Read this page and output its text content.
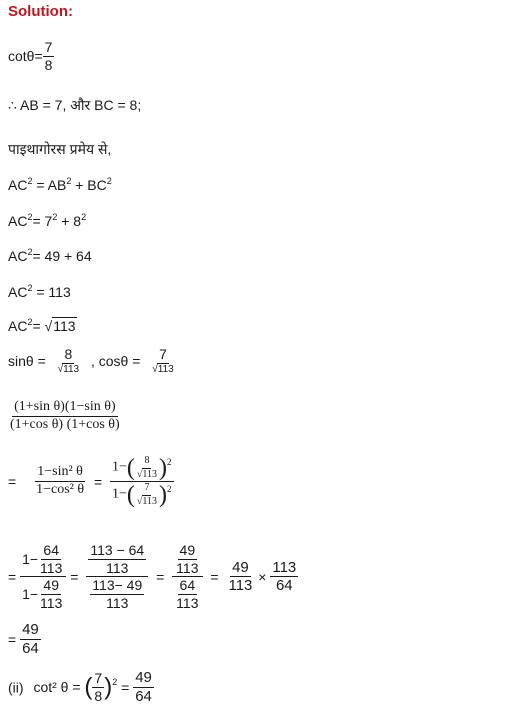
Solution:
$\cot\theta= \frac{7}{8}$
∴ AB = 7, और BC = 8;
पाइथागोरस प्रमेय से,
$AC^2 = AB^2 + BC^2$
$AC^2= 7^2 + 8^2$
$AC^2= 49 + 64$
$AC^2 = 113$
$AC^2= √113$
$\sin\theta = \frac{8}{√113}$ , $\cos\theta = \frac{7}{√113}$
$\frac{\text{(1+sin θ)(1−sin θ)}}{\text{(1+cos θ) (1+cos θ)}}$
= $\frac{\text{1−sin² θ}}{\text{1−cos² θ}} = \frac{1-( \frac{8}{√113} )^2}{1-( \frac{7}{√113} )^2}$
= $\frac{1- \frac{64}{113}}{1- \frac{49}{113}} = \frac{\frac{113 - 64}{113}}{\frac{113- 49}{113}} = \frac{\frac{49}{113}}{\frac{64}{113}} = \frac{49}{113} \times \frac{113}{64}$
= $\frac{49}{64}$
(ii) cot² θ = ( $\frac{7}{8} )^2 = \frac{49}{64}$
